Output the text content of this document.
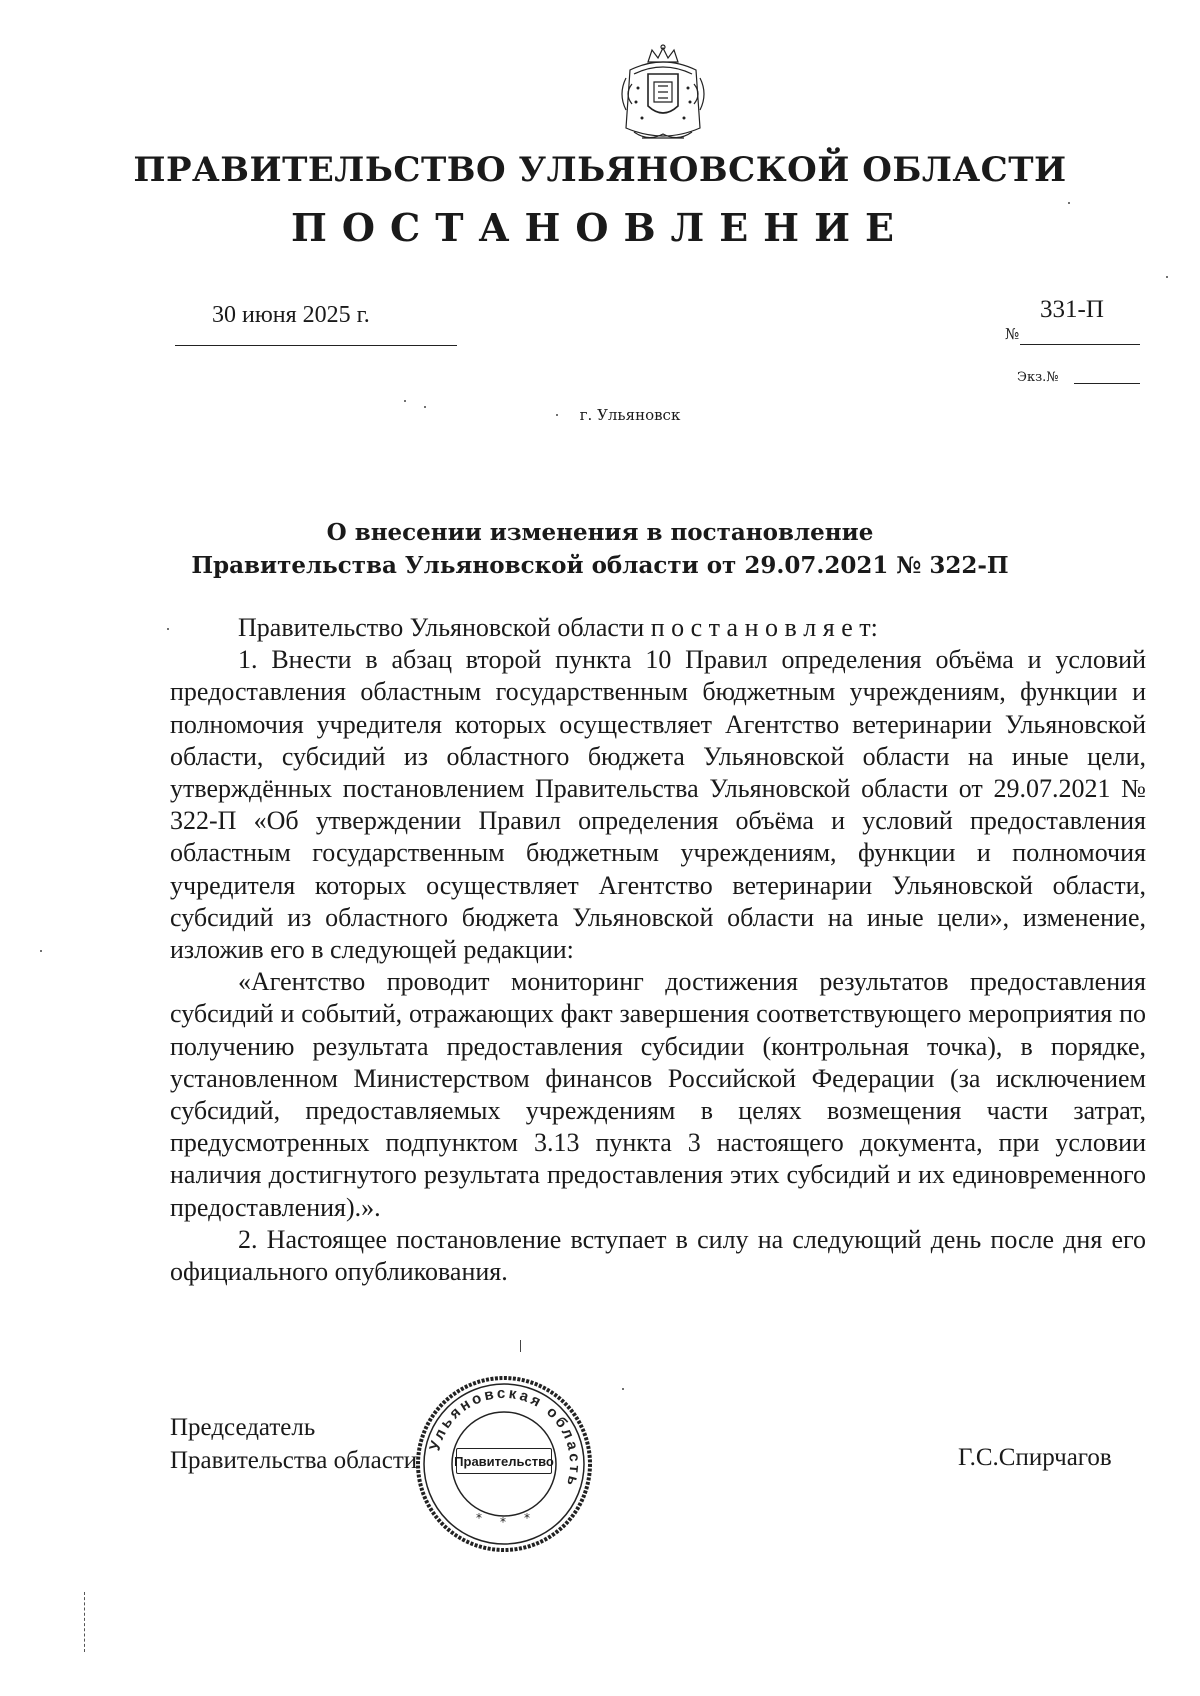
ПРАВИТЕЛЬСТВО УЛЬЯНОВСКОЙ ОБЛАСТИ
ПОСТАНОВЛЕНИЕ
30 июня 2025 г.	331-П
№
Экз.№
г. Ульяновск
О внесении изменения в постановление
Правительства Ульяновской области от 29.07.2021 № 322-П

Правительство Ульяновской области п о с т а н о в л я е т:

1. Внести в абзац второй пункта 10 Правил определения объёма и условий предоставления областным государственным бюджетным учреждениям, функции и полномочия учредителя которых осуществляет Агентство ветеринарии Ульяновской области, субсидий из областного бюджета Ульяновской области на иные цели, утверждённых постановлением Правительства Ульяновской области от 29.07.2021 № 322-П «Об утверждении Правил определения объёма и условий предоставления областным государственным бюджетным учреждениям, функции и полномочия учредителя которых осуществляет Агентство ветеринарии Ульяновской области, субсидий из областного бюджета Ульяновской области на иные цели», изменение, изложив его в следующей редакции:

«Агентство проводит мониторинг достижения результатов предоставления субсидий и событий, отражающих факт завершения соответствующего мероприятия по получению результата предоставления субсидии (контрольная точка), в порядке, установленном Министерством финансов Российской Федерации (за исключением субсидий, предоставляемых учреждениям в целях возмещения части затрат, предусмотренных подпунктом 3.13 пункта 3 настоящего документа, при условии наличия достигнутого результата предоставления этих субсидий и их единовременного предоставления).».

2. Настоящее постановление вступает в силу на следующий день после дня его официального опубликования.

Председатель
Правительства области
Ульяновская область
* * *
Правительство	Г.С.Спирчагов
